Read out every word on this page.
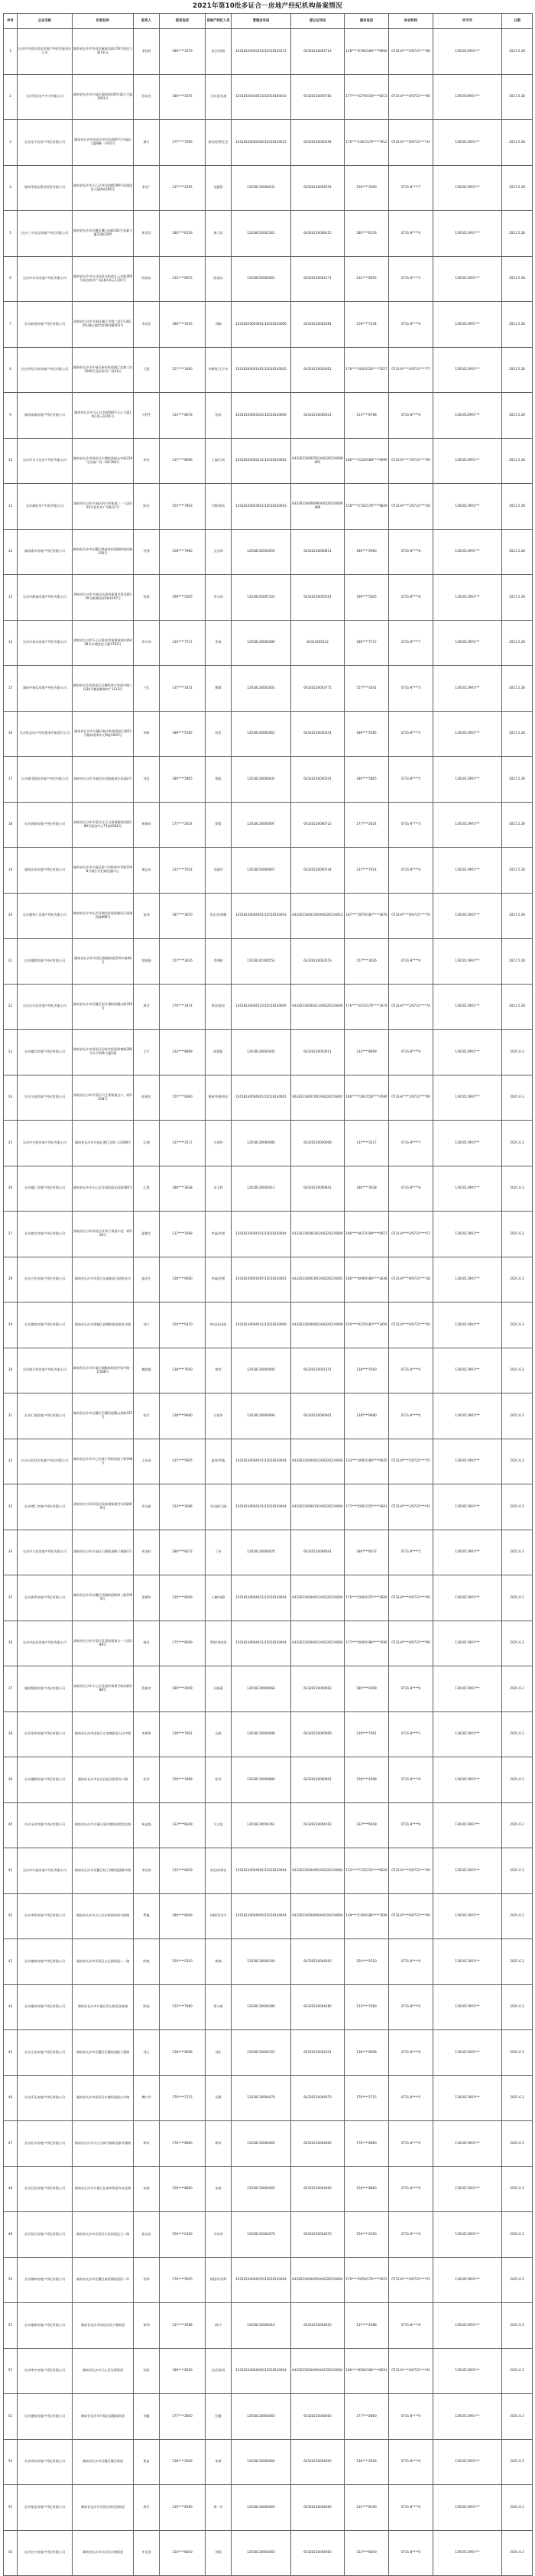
2021年第10批多证合一房地产经纪机构备案情况
序号	企业名称	机构住所	联系人	联系电话	房地产经纪人员	管理处号码	登记证号码	服务电话	协会机构	许可号	日期
1	长沙市芙蓉区凯达房地产经纪有限责任公司	湖南省长沙市芙蓉区解放东路178号凯达大厦1单元	李桂枝	186****1079	彭杰/刘霞	12018130003203/12018130172	64320216002714	158****6790/189****6992	0731-8****5/0731****98	1301012991***	2021.5.28
2	长沙明沃房产中介有限公司	湖南省长沙市开福区湘春路100号联合大厦1001号	孙东良	186****1045	王成龙/朱通	12018160018523/12018160010	64320216005781	177****3279/158****9213	0731-8****0/0731****96	1301016991***	2021.5.28
3	长沙佳千居房产经纪有限公司	湖南省长沙市雨花区劳动东路97号开福区大厦B栋一层01号	谭天	177****7006	薛浩琼/曾艺芝	12018130002006/12018130015	64320216000294	176****1467/179****7912	0731-8****0/0731****33	1301011991***	2021.5.28
4	湖南华悦达置业投资有限公司	湖南省长沙市天心区劳动西路299号嘉盛国际大厦A座306号	李定广	137****2295	刘惠智	12018130004031	64320216004291	150****3390	0731-8****7	1301011991***	2021.5.28
5	长沙三川永信房地产经纪有限公司	湖南省长沙市岳麓区麓山南路162号金鑫大厦12楼1205	黄美洋	180****6156	唐立武	12018150002261	64320216008315	180****6156	0731-8****6	1301011991***	2021.5.28
6	长沙市卓东房地产经纪有限公司	湖南省长沙市长沙县星沙街道开元东路260号星沙商业广场1栋1单元1101号	陈爱东	132****9655	陈爱东	12018150002661	64320216004171	132****9655	0731-8****5	1301011991***	2021.5.28
7	长沙联通房地产经纪有限公司	湖南省长沙市开福区湘江中路二段1号湘江世纪城天地世家1栋3楼301号	李浩宏	186****1935	刘颖	12018150003001/12018130006	64320216002081	158****7344	0731-8****6	1301011991***	2021.5.28
8	长沙世纪九铭房地产经纪有限公司	湖南省长沙市开福区新河街道湘江北路三段1500号北辰时代广场A1区	王彪	157****3400	李腾宽/王少东	12018160001061/12018130020	64320216002061	176****5003/156****5557	0731-8****4/0731****77	1301011991***	2021.5.28
9	湖南富溪房地产经纪有限公司	湖南省长沙市天心区书院路9号天心大厦1栋1单元1101号	宁利生	133****8678	张丽	12018130003020/12018130006	64320216006321	153****8768	0731-8****6	1301012991***	2021.5.28
10	长沙市马卡龙房产经纪有限公司	湖南省长沙市雨花区东塘街道韶山中路229号泊富广场二期1308号	李亮	137****8096	王磊/付成	12018140002231/12018140002	64320216002561/64320216008901	186****5220/188****6999	0731-8****7/0731****09	1301011991***	2021.5.28
11	长沙湘旺房产经纪有限公司	湖南省长沙市开福区四方坪街道三一大道359号佳兆业广场6层1号	陈杰	155****7803	闫辉/周浩	12018130003601/12018140003	64320216006090/64320216006089	158****2732/176****9829	0731-8****1/0731****26	1301011991***	2021.5.28
12	湖南惠丰房地产经纪有限公司	湖南省长沙市岳麓区银盆岭街道桐梓坡西路256号	肖强	158****7960	文运坤	12018130004050	64320216000811	180****0960	0731-8****8	1301011991***	2021.5.28
13	长沙市德诚房地产经纪有限公司	湖南省长沙市开福区伍家岭街道芙蓉北路119号新城国际2栋1007号	何斌	199****5005	李万邦	12018150007201	64320216005561	199****5005	0731-8****8	1301011991***	2021.5.28
14	长沙市嘉禾房地产经纪有限公司	湖南省长沙市天心区桂花坪街道新韶东路428号东城金色大厦1703号	李万坤	133****7717	李成	12018130004080	84310196112	186****7717	0731-8****7	1301011991***	2021.5.28
15	湖南中诚信房地产经纪有限公司	湖南省长沙市雨花区圭塘街道万家丽中路三段36号德思勤城市广场13层	兰礼	137****3451	熊敏	12018130002001	64320216003771	157****3261	0731-8****3	1301011991***	2021.5.28
16	长沙优品房产经纪服务有限责任公司	湖南省长沙市岳麓区观沙岭街道滨江路53号楷林商务中心B座1903号	李彬	189****5585	何晋	12018140005061	64320216000341	189****5585	0731-8****5	1301011991***	2021.5.28
17	长沙城市庭院房地产经纪有限公司	湖南省长沙市开福区东风路街道东风路2号	刘浩	180****5865	郑彪	12018130000831	64320216000201	180****5865	0731-8****5	1301011991***	2021.5.28
18	长沙鸿威房地产经纪有限公司	湖南省长沙市芙蓉区定王台街道解放西路188号国金中心T1座4008号	杨海英	177****2624	徐俊	12018130000097	64320216000712	177****2624	0731-8****4	1301011991***	2021.5.28
19	湖南居禾房地产经纪有限公司	湖南省长沙市开福区捞刀河街道中青路1048号湘江世纪城金融中心	谭志庆	137****7014	刘淑萍	12018150000667	64320216000744	137****7014	0731-8****4	1301011991***	2021.5.28
20	长沙湘和仁房地产经纪有限公司	湖南省长沙市长沙县湘龙街道滨湖社区滨湖西路868号	易坤	187****3670	张宏君/郭鹏	12018130004001/12018130003	64320216003300/64320216012	187****3670/187****3670	0731-8****9/0731****70	1301011991***	2021.5.28
21	长沙德鼎房地产经纪有限公司	湖南省长沙市芙蓉区湘湖街道蔡锷中路48号	梁莉娟	157****3626	李锦联	12018141000553	64320216003553	157****3626	0731-8****6	1301011991***	2021.5.28
22	长沙乐尔居房地产经纪有限公司	湖南省长沙市岳麓区望月湖街道麓山路326号	黄芬	176****3474	黄昌/张亮	12018130004310/12018130006	64320216000411/64320216000	176****3472/176****3474	0731-8****2/0731****74	1301011991***	2021.5.28
23	长沙捷信房地产经纪有限公司	湖南省长沙市雨花区雨花亭街道香樟路286号东方明珠大厦1楼	王才	133****8899	陈慧妮	12018130003045	64320216003011	133****8899	0731-8****9	1301012991***	2021.6.3
24	长沙久锐房地产经纪有限公司	湖南省长沙市芙蓉区马王堆街道远大一路1028号	彭燕佳	155****0660	曹新华/陈炳芳	12018130004001/12018130001	64320216007001/64320216007	186****7291/156****4590	0731-8****1/0731****90	1301011991***	2021.6.3
25	长沙市合欣房地产经纪有限公司	湖南省长沙市开福区湘江北路二段398号	汪湘	137****3217	方靖怡	12018130000080	64320216000008	137****3217	0731-8****7	1301011991***	2021.6.3
26	长沙湘汇房地产经纪有限公司	湖南省长沙市天心区青园街道友谊路280号	江慧	186****3638	宋玉婷	12018130004011	64320216000841	186****3638	0731-8****8	1301011991***	2021.6.3
27	长沙桃庄房地产经纪有限公司	湖南省长沙市雨花区井湾子街道中意一路108号	夏敏生	137****1698	李晶/刘勇	12018130004101/12018130004	64320216000361/64320216000	186****4672/199****0657	0731-8****2/0731****57	1301011991***	2021.6.3
28	长沙兴业房地产经纪有限公司	湖南省长沙市芙蓉区东湖街道马坡岭社区	夏安生	138****0660	李晶/刘勇	12018130001087/12018130001	64320216001601/64320216001	186****6699/186****3638	0731-8****9/0731****38	1301011991***	2021.6.3
29	长沙湘悦房地产经纪有限公司	湖南省长沙市望城区高塘岭街道郭亮中路	刘宁	150****9370	钟光/孙国政	12018130004011/12018130009	64320216000001/64320216009	150****9370/182****3456	0731-8****0/0731****56	1301011991***	2021.6.3
30	长沙聚百利房地产经纪有限公司	湖南省长沙市开福区湘雅路街道芙蓉中路一段188号	魏建港	138****7640	曾荣	12018130004000	64320216001351	138****7640	0731-8****0	1301011991***	2021.6.3
31	长沙汇翔房地产经纪有限公司	湖南省长沙市岳麓区岳麓街道麓山南路222号	张军	138****9680	左能华	12018130000090	64320216000901	138****9680	0731-8****0	1301011991***	2021.6.3
32	长沙天轩时光房地产经纪有限公司	湖南省长沙市天心区坡子街街道坡子街168号	王昌金	137****5605	夏涛/李俊	12018130004051/12018130004	64320216004021/64320216004	133****3065/186****0625	0731-8****5/0731****25	1301011991***	2021.6.3
33	长沙博汇房地产经纪有限公司	湖南省长沙市雨花区侯家塘街道劳动西路88号	邓文斌	133****2696	邓文斌/王晓	12018130004101/12018130004	64320216004101/64320216004	177****5001/155****3601	0731-8****1/0731****01	1301011991***	2021.6.3
34	长沙市力佳房地产经纪有限公司	湖南省长沙市开福区月湖街道鸭子铺路1号	何金枝	186****6672	丁伟	12018130004020	64320216004041	186****6672	0731-8****2	1301011991***	2021.6.3
35	长沙森青房地产经纪有限公司	湖南省长沙市岳麓区西湖街道枫林三路1099号	萧德华	130****6699	王鹏/刘静	12018130004021/12018130004	64320216004021/64320216004	176****2060/155****3600	0731-8****0/0731****00	1301011991***	2021.6.3
36	长沙市高佳房地产经纪有限公司	湖南省长沙市芙蓉区韭菜园街道五一大道389号	杨洋	175****6699	罗斌/李国强	12018130004021/12018130004	64320216004021/64320216004	177****0000/186****7690	0731-8****0/0731****90	1301011991***	2021.6.3
37	湖南慧通房地产经纪有限公司	湖南省长沙市天心区金盆岭街道书院南路388号	管新荣	180****2609	冯晓燕	12018130000068	64320216000062	180****2609	0731-8****9	1301011991***	2021.6.3
38	长沙佳和房地产经纪有限公司	湖南省长沙市雨花区左家塘街道人民中路	李如锋	139****7061	冯斌	12018130000008	64320216000009	139****7061	0731-8****1	1301011991***	2021.6.3
39	长沙德顺房地产经纪有限公司	湖南省长沙市长沙县星沙街道东六路	张洋	158****1908	张洋	12018130000880	64320216000901	158****1908	0731-8****8	1301011991***	2021.6.3
40	长沙圣卓房地产经纪有限公司	湖南省长沙市开福区清水塘街道营盘东路	杨孟翰	133****6649	马文迅	12018130004161	64320216004161	133****6649	0731-8****9	1301011991***	2021.6.3
41	长沙市中盛房地产经纪有限公司	湖南省长沙市岳麓区桔子洲街道潇湘中路	李宜涛	133****6029	李宜涛/徐宏	12018130004091/12018130004	64320216004091/64320216004	133****7135/152****6029	0731-8****5/0731****29	1301011991***	2021.6.3
42	长沙李智房地产经纪有限公司	湖南省长沙市天心区赤岭路街道书院路	罗捷	180****6699	何静/肖宣宇	12018130004000/12018130004	64320216004000/64320216004	139****1309/186****7699	0731-8****9/0731****99	1301011991***	2021.6.3
43	长沙德泰房地产经纪有限公司	湖南省长沙市芙蓉区文艺路街道八一路	陈艳	150****5310	黄湘	12018130004300	64320216004300	150****5310	0731-8****0	1301011991***	2021.6.3
44	长沙德泽房地产经纪有限公司	湖南省长沙市开福区洪山街道金泰路	陈高	133****7680	郑小斌	12018130004280	64320216004280	133****7680	0731-8****0	1301011991***	2021.6.3
45	长沙岳龙房地产经纪有限公司	湖南省长沙市岳麓区岳麓街道桃子湖路	刘云	138****9698	刘宏	12018130004101	64320216004101	138****9698	0731-8****8	1301011991***	2021.6.3
46	长沙沃凡房地产经纪有限公司	湖南省长沙市雨花区东塘街道韶山中路	樊叶青	176****2715	吴静	12018130004070	64320216004070	176****2715	0731-8****5	1301011991***	2021.6.3
47	长沙恒丰房地产经纪有限公司	湖南省长沙市天心区新开铺街道新开铺路	覃荣	176****8960	覃荣	12018130004060	64320216004060	176****8960	0731-8****0	1301011991***	2021.6.3
48	长沙辰光房地产经纪有限公司	湖南省长沙市开福区伍家岭街道车站北路	宋斌	158****8860	宋斌	12018130004060	64320216004060	158****8860	0731-8****0	1301011991***	2021.6.3
49	长沙悦合房地产经纪有限公司	湖南省长沙市芙蓉区火星街道远大二路	杨友良	150****0160	寻存奉	12018130004070	64320216004070	150****0160	0731-8****0	1301011991***	2021.6.3
50	长沙湘和房地产经纪有限公司	湖南省长沙市岳麓区咸嘉湖街道西二环	肖辉	176****5050	杨建华/肖辉	12018130004050/12018130004	64320216004050/64320216004	176****5050/176****5051	0731-8****0/0731****51	1301011991***	2021.6.3
51	长沙德源房地产经纪有限公司	湖南省长沙市雨花区砂子塘街道	黄利	137****1688	胡/小	12018130004010	64320216004010	137****1688	0731-8****8	1301011991***	2021.6.3
52	长沙博宇房地产经纪有限公司	湖南省长沙市天心区先锋街道	孙尉	186****8290	冯芸/孙尉	12018130004000/12018130004	64320216004000/64320216004	186****8290/186****8291	0731-8****0/0731****91	1301011991***	2021.6.3
53	长沙德锐房地产经纪有限公司	湖南省长沙市开福区望麓园街道	刘婕	177****2860	付婕	12018130004060	64320216004060	177****2860	0731-8****0	1301011991***	2021.6.3
54	长沙尚居房地产经纪有限公司	湖南省长沙市岳麓区麓谷街道	黄益	138****2606	朱斌	12018130004060	64320216004060	138****2606	0731-8****6	1301011991***	2021.6.3
55	长沙集金房地产经纪有限公司	湖南省长沙市芙蓉区荷花园街道	龚亭	135****8190	龚一亭	12018130004060	64320216004060	135****8190	0731-8****0	1301011991***	2021.6.3
56	长沙宏兴房地产经纪有限公司	湖南省长沙市长沙县泉塘街道	李龙金	133****6840	刘翔	12018130004060	64320216004060	133****6840	0731-8****0	1301011991***	2021.6.3
